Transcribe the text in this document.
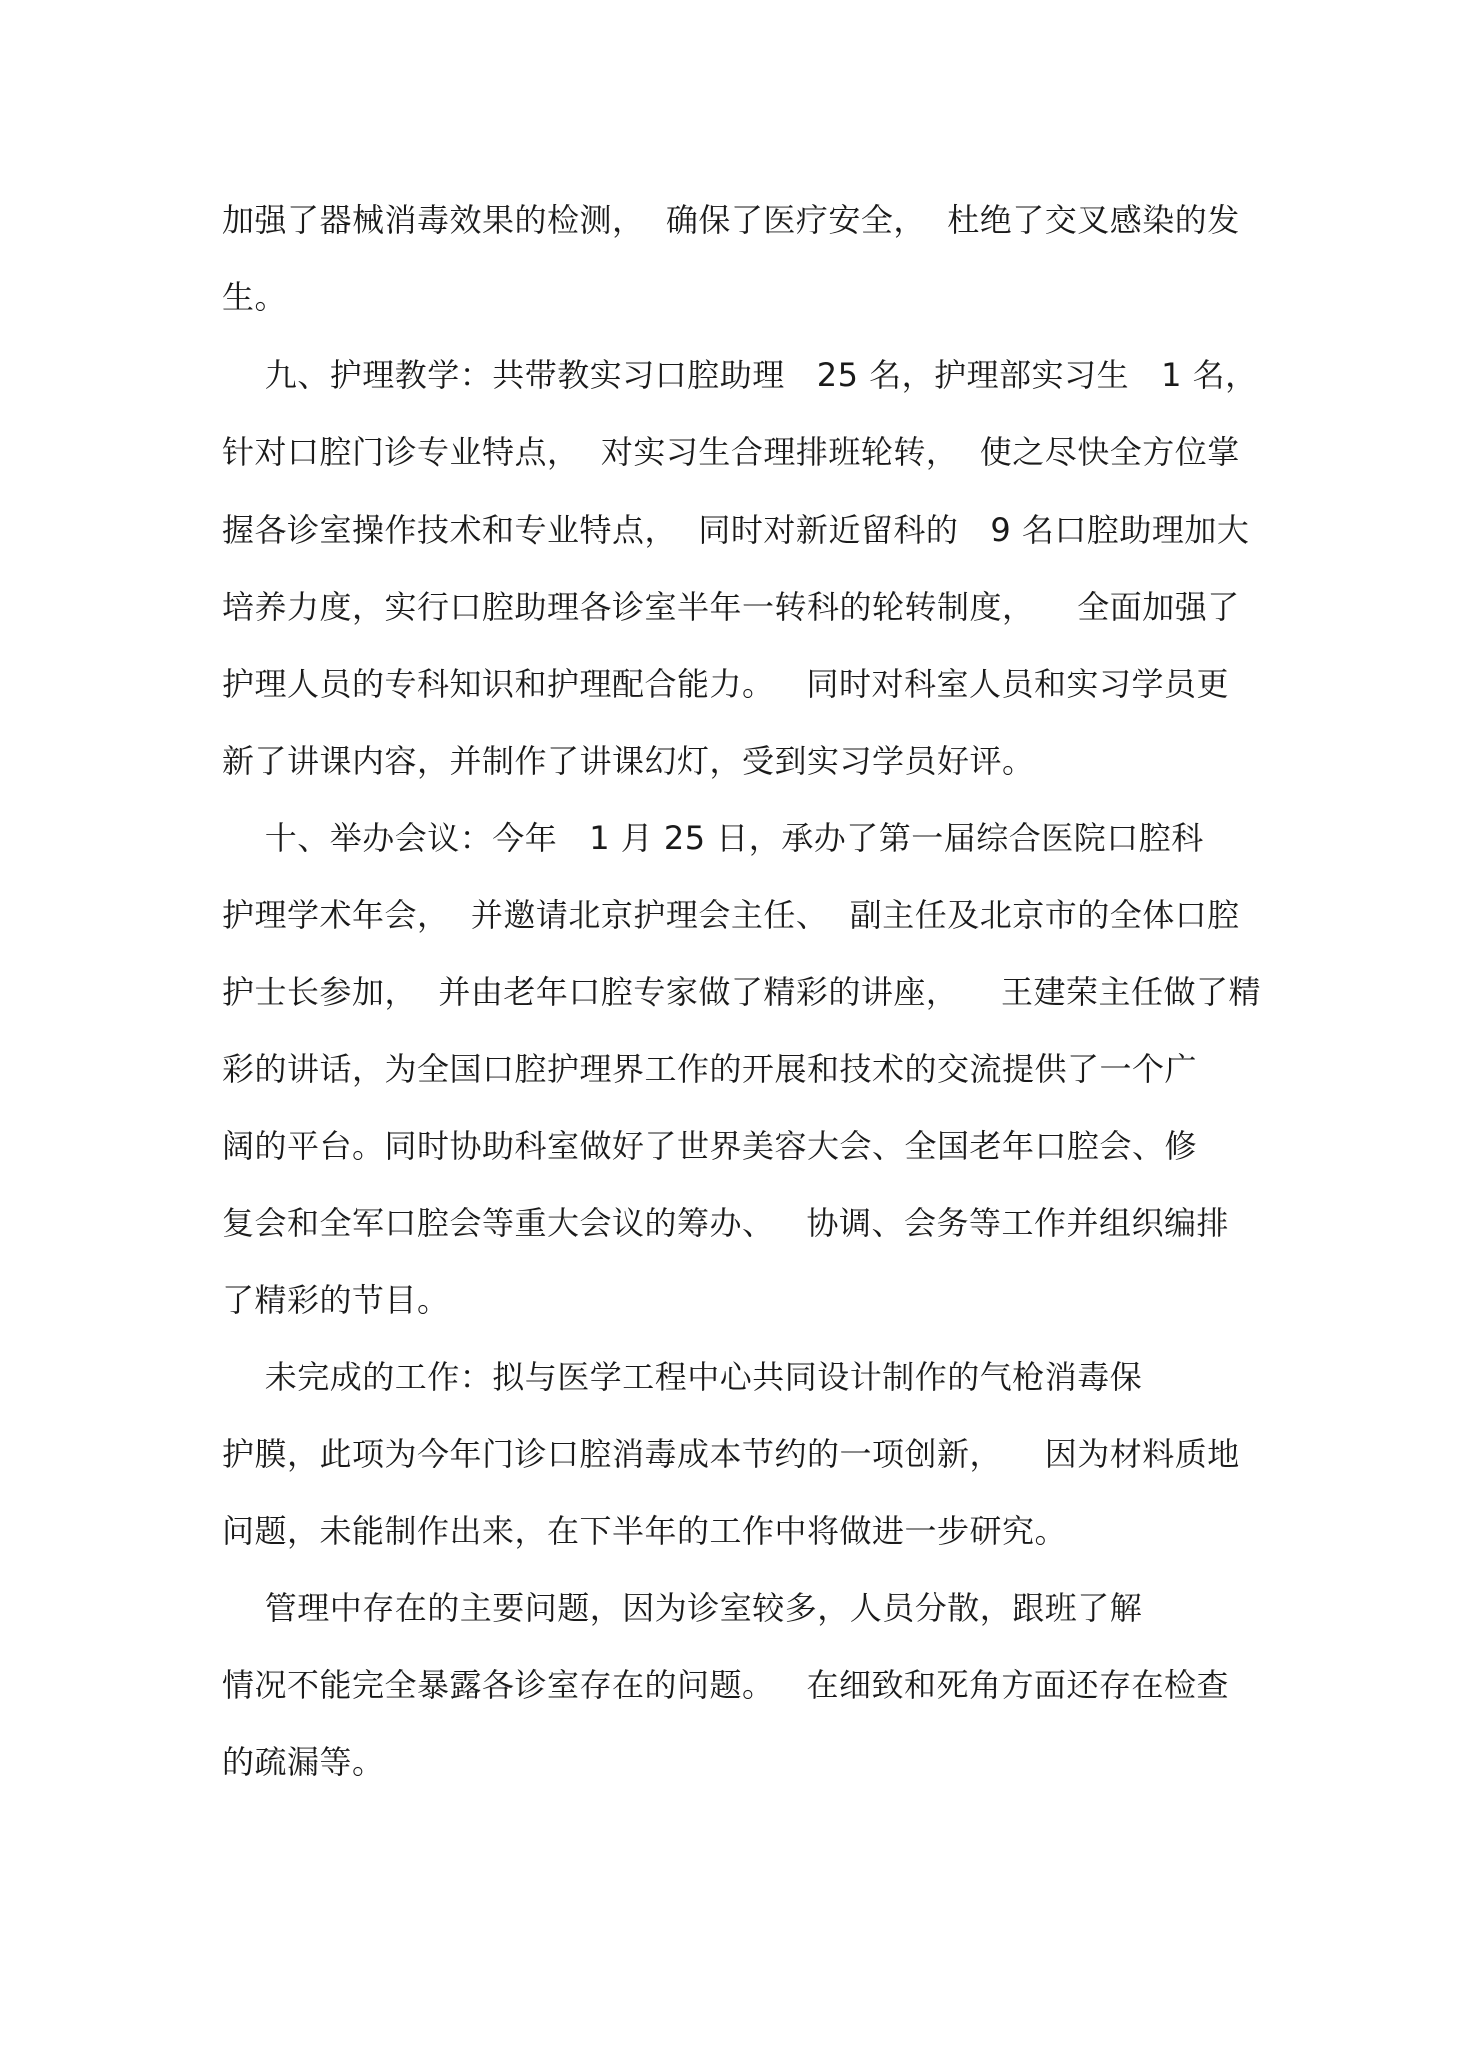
加强了器械消毒效果的检测，  确保了医疗安全，  杜绝了交叉感染的发
生。
九、护理教学：共带教实习口腔助理   25 名，护理部实习生   1 名，
针对口腔门诊专业特点，  对实习生合理排班轮转，  使之尽快全方位掌
握各诊室操作技术和专业特点，  同时对新近留科的   9 名口腔助理加大
培养力度，实行口腔助理各诊室半年一转科的轮转制度，    全面加强了
护理人员的专科知识和护理配合能力。   同时对科室人员和实习学员更
新了讲课内容，并制作了讲课幻灯，受到实习学员好评。
十、举办会议：今年   1 月 25 日，承办了第一届综合医院口腔科
护理学术年会，  并邀请北京护理会主任、  副主任及北京市的全体口腔
护士长参加，  并由老年口腔专家做了精彩的讲座，    王建荣主任做了精
彩的讲话，为全国口腔护理界工作的开展和技术的交流提供了一个广
阔的平台。同时协助科室做好了世界美容大会、全国老年口腔会、修
复会和全军口腔会等重大会议的筹办、   协调、会务等工作并组织编排
了精彩的节目。
未完成的工作：拟与医学工程中心共同设计制作的气枪消毒保
护膜，此项为今年门诊口腔消毒成本节约的一项创新，    因为材料质地
问题，未能制作出来，在下半年的工作中将做进一步研究。
管理中存在的主要问题，因为诊室较多，人员分散，跟班了解
情况不能完全暴露各诊室存在的问题。   在细致和死角方面还存在检查
的疏漏等。
